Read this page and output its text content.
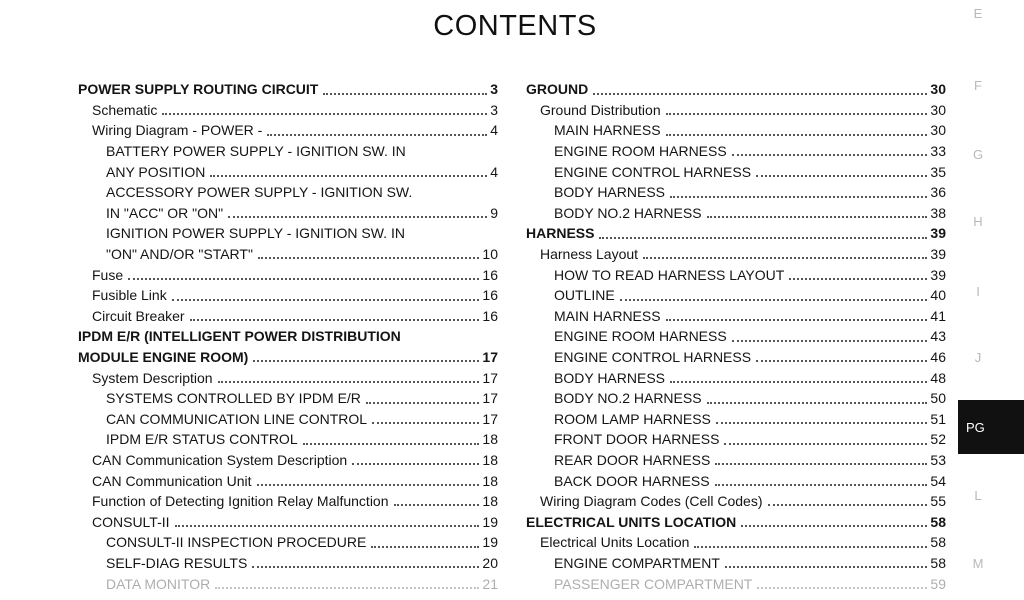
CONTENTS
POWER SUPPLY ROUTING CIRCUIT	3
Schematic	3
Wiring Diagram - POWER -	4
BATTERY POWER SUPPLY - IGNITION SW. IN
ANY POSITION	4
ACCESSORY POWER SUPPLY - IGNITION SW.
IN "ACC" OR "ON"	9
IGNITION POWER SUPPLY - IGNITION SW. IN
"ON" AND/OR "START"	10
Fuse	16
Fusible Link	16
Circuit Breaker	16
IPDM E/R (INTELLIGENT POWER DISTRIBUTION
MODULE ENGINE ROOM)	17
System Description	17
SYSTEMS CONTROLLED BY IPDM E/R	17
CAN COMMUNICATION LINE CONTROL	17
IPDM E/R STATUS CONTROL	18
CAN Communication System Description	18
CAN Communication Unit	18
Function of Detecting Ignition Relay Malfunction	18
CONSULT-II	19
CONSULT-II INSPECTION PROCEDURE	19
SELF-DIAG RESULTS	20
DATA MONITOR	21
GROUND	30
Ground Distribution	30
MAIN HARNESS	30
ENGINE ROOM HARNESS	33
ENGINE CONTROL HARNESS	35
BODY HARNESS	36
BODY NO.2 HARNESS	38
HARNESS	39
Harness Layout	39
HOW TO READ HARNESS LAYOUT	39
OUTLINE	40
MAIN HARNESS	41
ENGINE ROOM HARNESS	43
ENGINE CONTROL HARNESS	46
BODY HARNESS	48
BODY NO.2 HARNESS	50
ROOM LAMP HARNESS	51
FRONT DOOR HARNESS	52
REAR DOOR HARNESS	53
BACK DOOR HARNESS	54
Wiring Diagram Codes (Cell Codes)	55
ELECTRICAL UNITS LOCATION	58
Electrical Units Location	58
ENGINE COMPARTMENT	58
PASSENGER COMPARTMENT	59
E
F
G
H
I
J
PG
L
M
